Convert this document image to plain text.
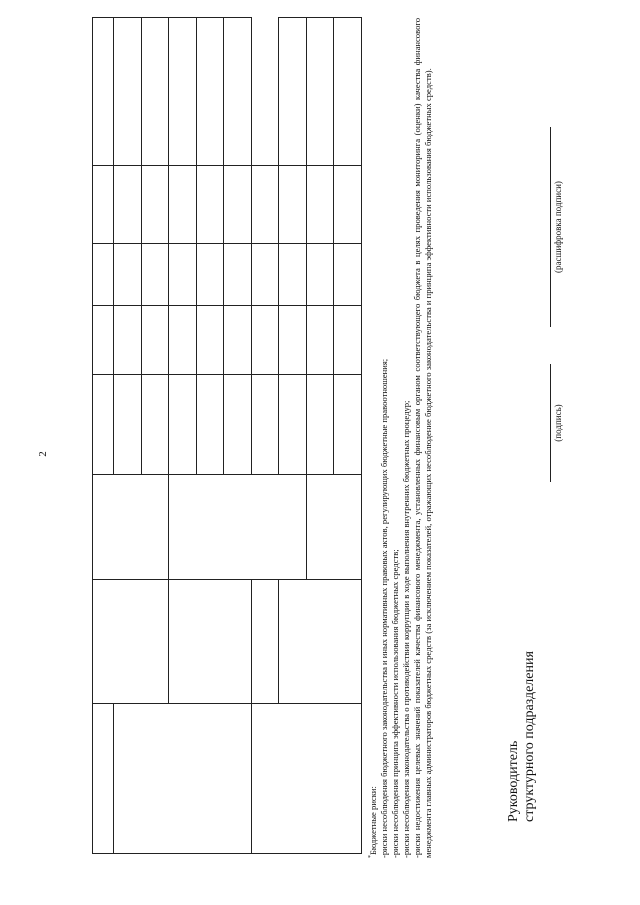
2

*Бюджетные риски: -риски несоблюдения бюджетного законодательства и иных нормативных правовых актов, регулирующих бюджетные правоотношения; -риски несоблюдения принципа эффективности использования бюджетных средств; -риски несоблюдения законодательства о противодействии коррупции в ходе выполнения внутренних бюджетных процедур; -риски недостижения целевых значений показателей качества финансового менеджмента, установленных финансовым органом соответствующего бюджета в целях проведения мониторинга (оценки) качества финансового менеджмента главных администраторов бюджетных средств (за исключением показателей, отражающих несоблюдение бюджетного законодательства и принципа эффективности использования бюджетных средств).	Руководитель структурного подразделения
(подпись)
(расшифровка подписи)
